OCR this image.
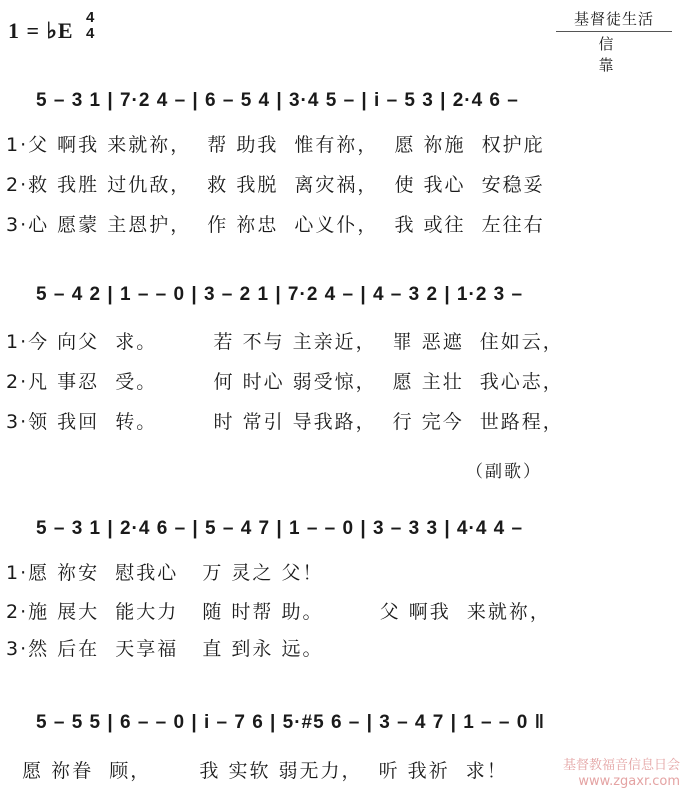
1 = ♭E
4
4
基督徒生活
信 靠
5 – 3 1 | 7·2 4 – | 6 – 5 4 | 3·4 5 – | i – 5 3 | 2·4 6 –
1·父 啊我 来就祢，  帮 助我  惟有祢，  愿 祢施  权护庇
2·救 我胜 过仇敌，  救 我脱  离灾祸，  使 我心  安稳妥
3·心 愿蒙 主恩护，  作 祢忠  心义仆，  我 或往  左往右
5 – 4 2 | 1 – – 0 | 3 – 2 1 | 7·2 4 – | 4 – 3 2 | 1·2 3 –
1·今 向父  求。       若 不与 主亲近，  罪 恶遮  住如云，
2·凡 事忍  受。       何 时心 弱受惊，  愿 主壮  我心志，
3·领 我回  转。       时 常引 导我路，  行 完今  世路程，
（副歌）
5 – 3 1 | 2·4 6 – | 5 – 4 7 | 1 – – 0 | 3 – 3 3 | 4·4 4 –
1·愿 祢安  慰我心   万 灵之 父！
2·施 展大  能大力   随 时帮 助。       父 啊我  来就祢，
3·然 后在  天享福   直 到永 远。
5 – 5 5 | 6 – – 0 | i – 7 6 | 5·#5 6 – | 3 – 4 7 | 1 – – 0 ‖
愿 祢眷  顾，      我 实软 弱无力，  听 我祈  求！	基督教福音信息日会
www.zgaxr.com
